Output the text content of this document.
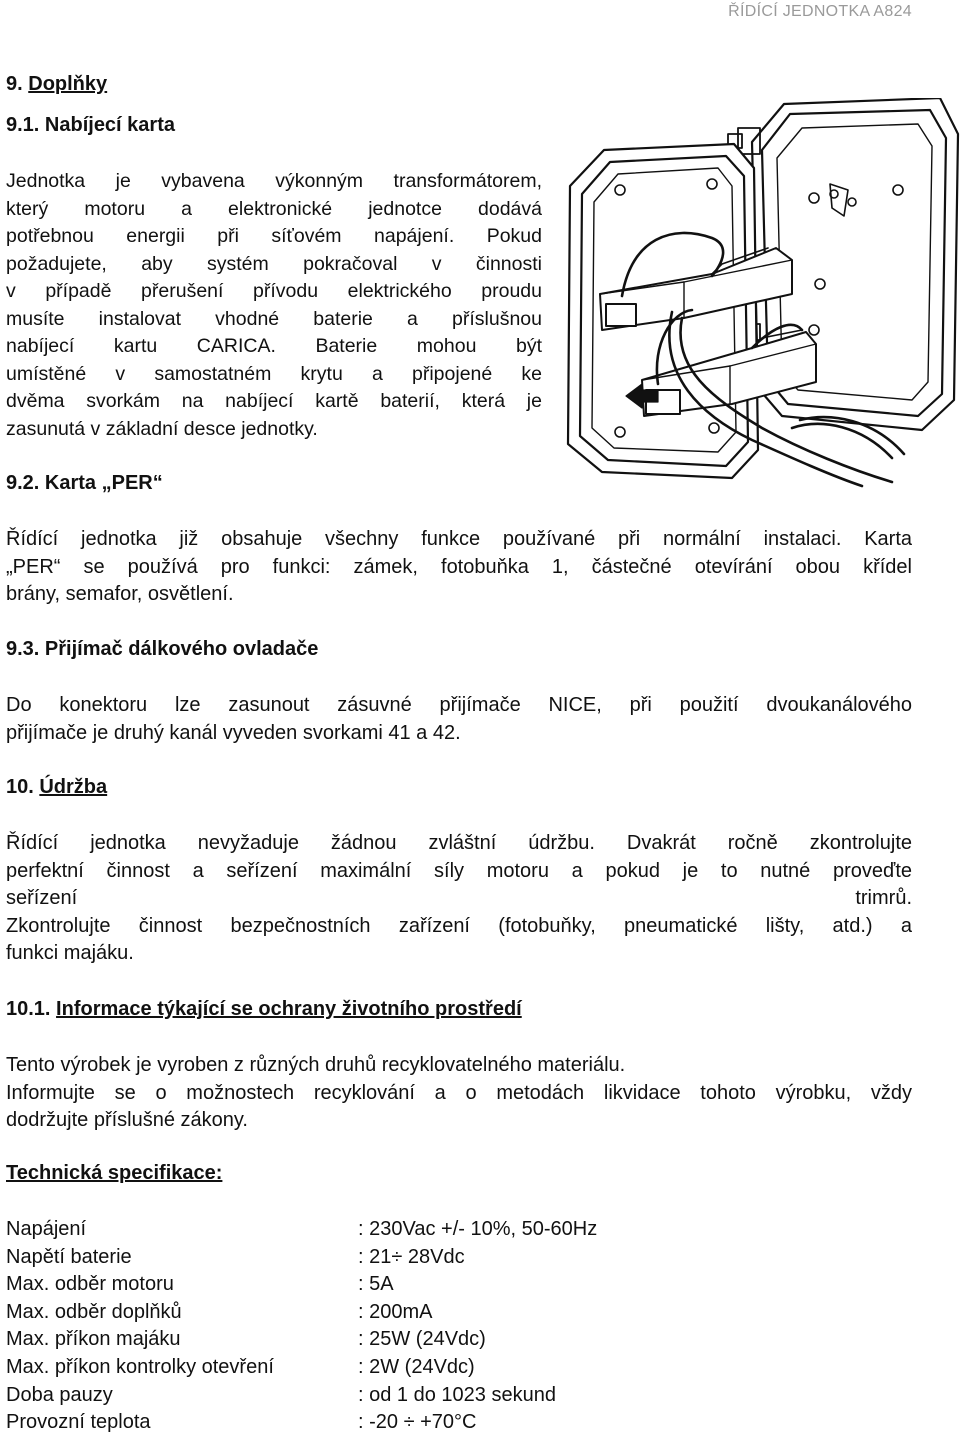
ŘÍDÍCÍ JEDNOTKA A824
9. Doplňky
9.1. Nabíjecí karta
Jednotka je vybavena výkonným transformátorem,
který motoru a elektronické jednotce dodává
potřebnou energii při síťovém napájení. Pokud
požadujete, aby systém pokračoval v činnosti
v případě přerušení přívodu elektrického proudu
musíte instalovat vhodné baterie a příslušnou
nabíjecí kartu CARICA. Baterie mohou být
umístěné v samostatném krytu a připojené ke
dvěma svorkám na nabíjecí kartě baterií, která je
zasunutá v základní desce jednotky.
9.2. Karta „PER“
Řídící jednotka již obsahuje všechny funkce používané při normální instalaci. Karta
„PER“ se používá pro funkci: zámek, fotobuňka 1, částečné otevírání obou křídel
brány, semafor, osvětlení.
9.3. Přijímač dálkového ovladače
Do konektoru lze zasunout zásuvné přijímače NICE, při použití dvoukanálového
přijímače je druhý kanál vyveden svorkami 41 a 42.
10. Údržba
Řídící jednotka nevyžaduje žádnou zvláštní údržbu. Dvakrát ročně zkontrolujte
perfektní činnost a seřízení maximální síly motoru a pokud je to nutné proveďte
seřízení trimrů.
Zkontrolujte činnost bezpečnostních zařízení (fotobuňky, pneumatické lišty, atd.) a
funkci majáku.
10.1. Informace týkající se ochrany životního prostředí
Tento výrobek je vyroben z různých druhů recyklovatelného materiálu.
Informujte se o možnostech recyklování a o metodách likvidace tohoto výrobku, vždy
dodržujte příslušné zákony.
Technická specifikace:
Napájení	: 230Vac +/- 10%, 50-60Hz
Napětí baterie	: 21÷ 28Vdc
Max. odběr motoru	: 5A
Max. odběr doplňků	: 200mA
Max. příkon majáku	: 25W (24Vdc)
Max. příkon kontrolky otevření	: 2W (24Vdc)
Doba pauzy	: od 1 do 1023 sekund
Provozní teplota	: -20 ÷ +70°C
